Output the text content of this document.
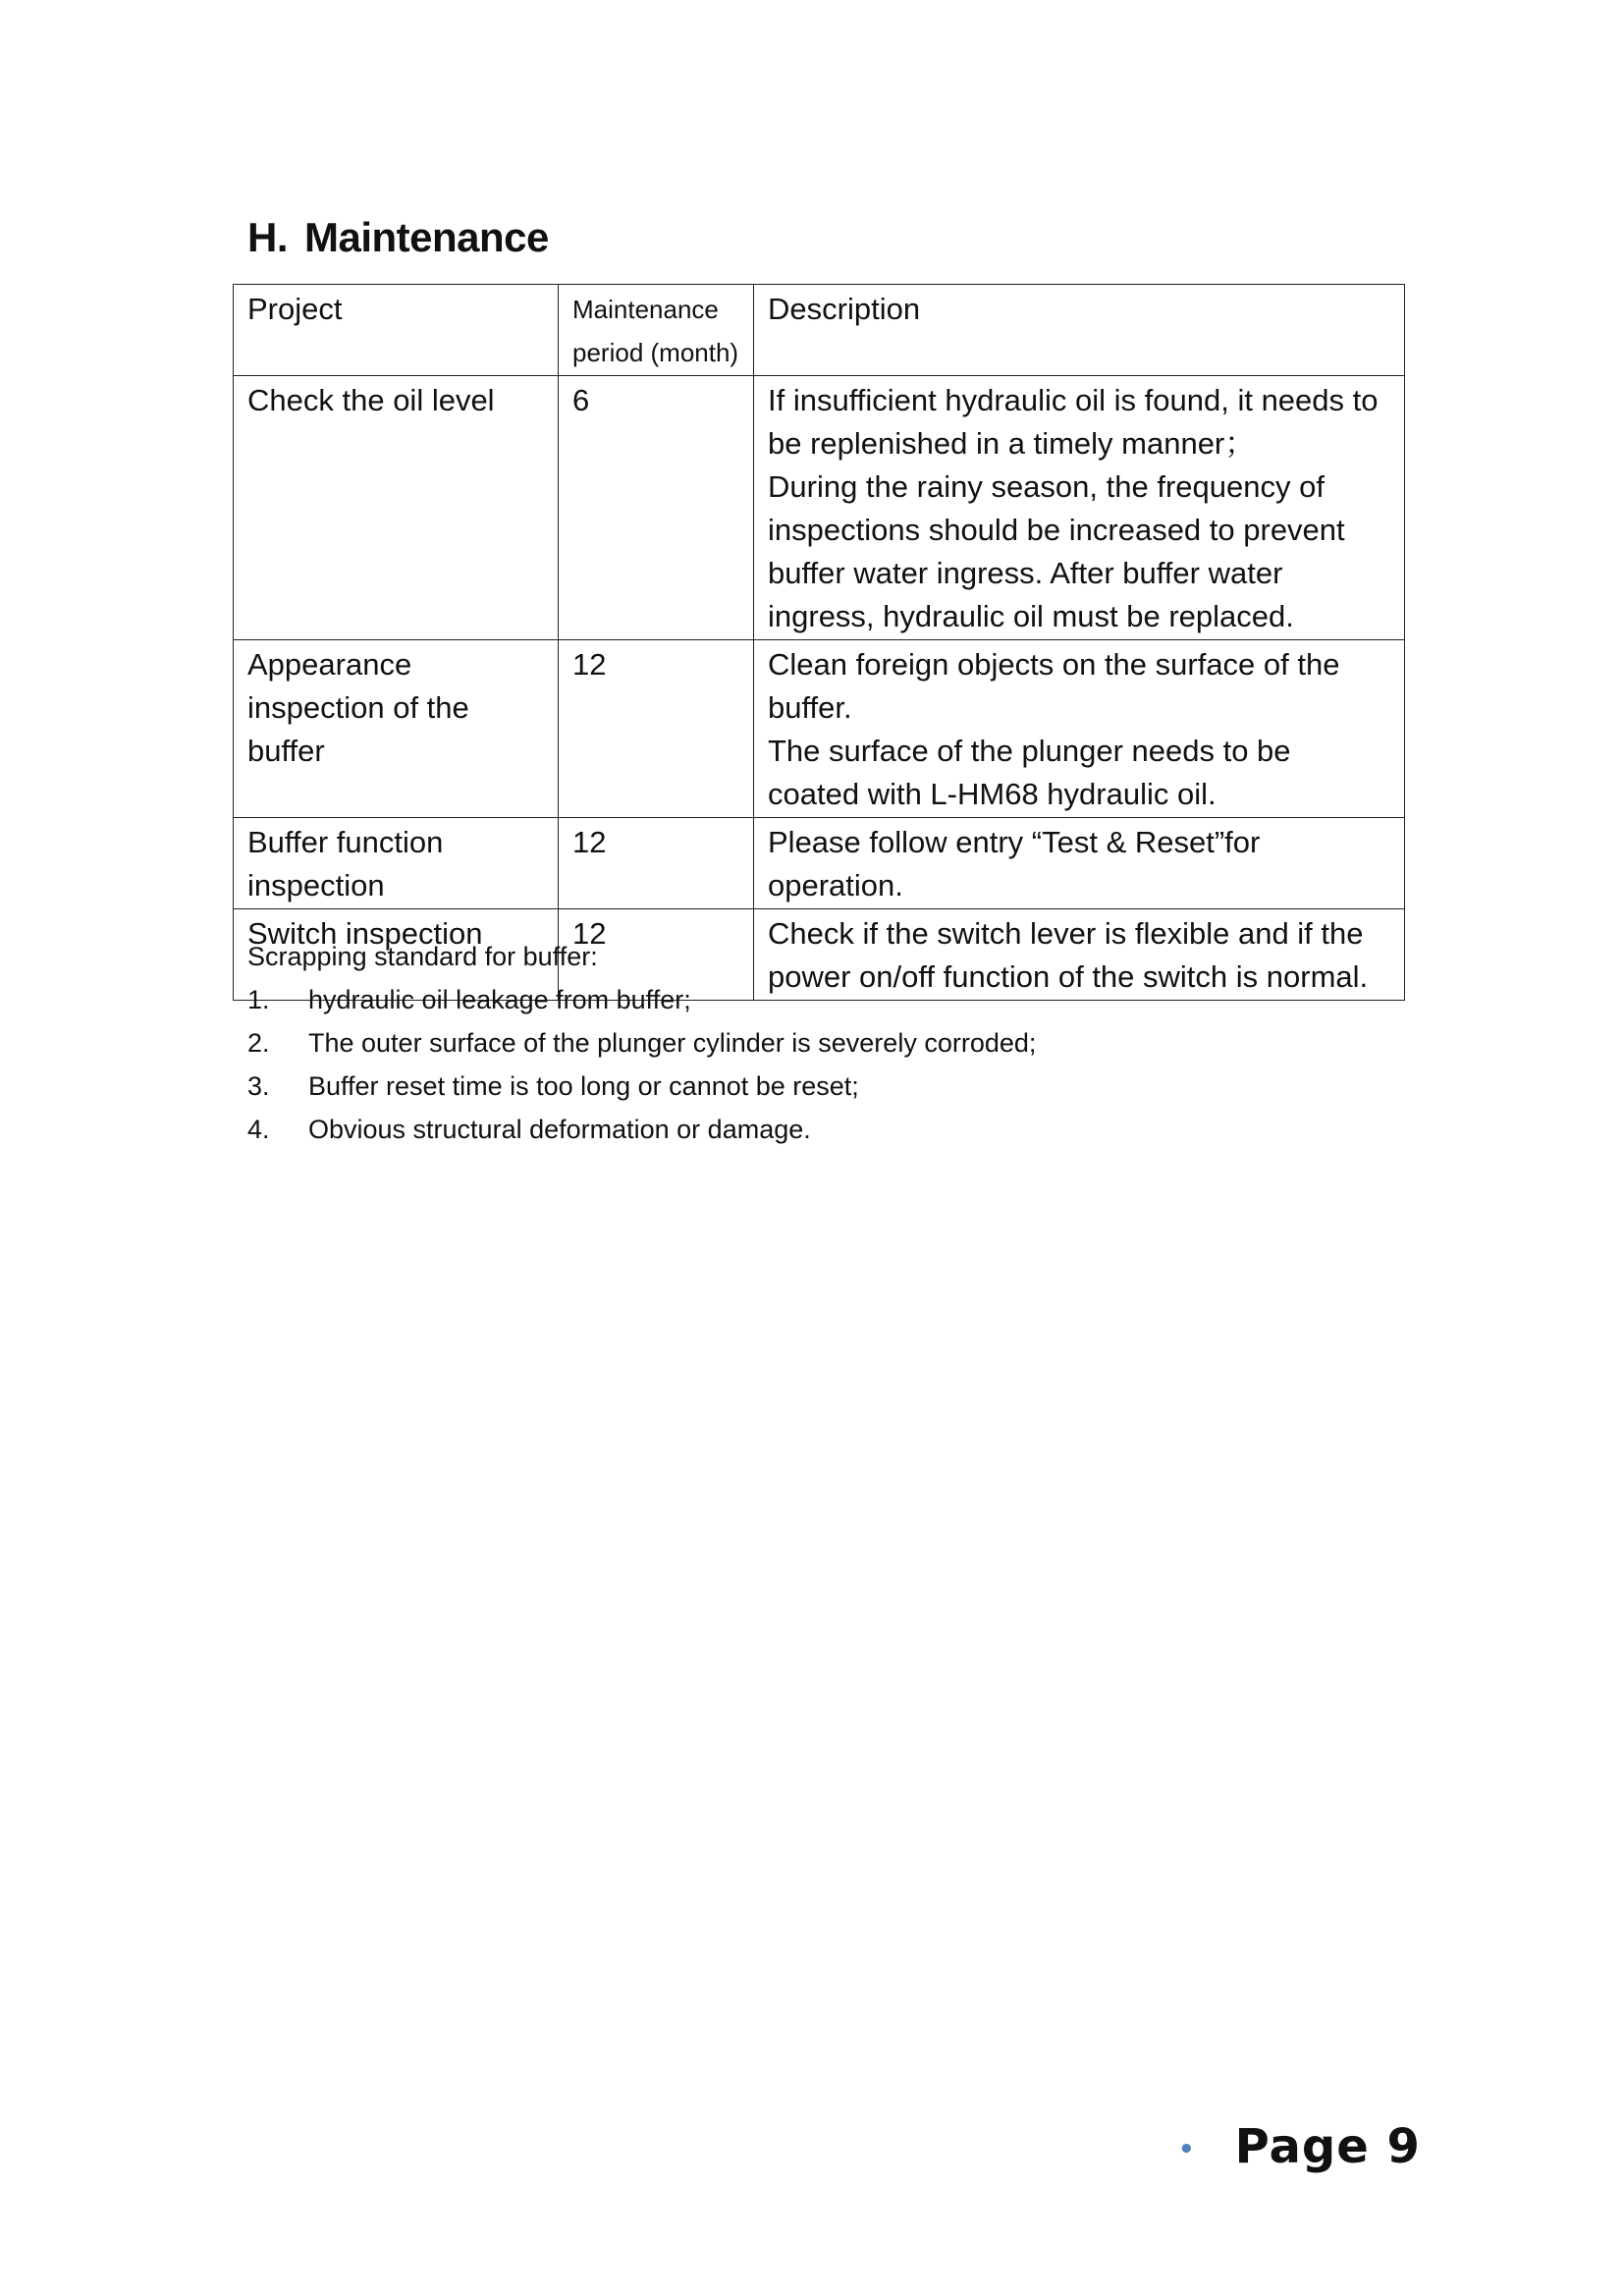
H. Maintenance
Project	Maintenance period (month)	Description
Check the oil level	6	If insufficient hydraulic oil is found, it needs to be replenished in a timely manner；
During the rainy season, the frequency of inspections should be increased to prevent buffer water ingress. After buffer water ingress, hydraulic oil must be replaced.

Appearance inspection of the buffer	12	Clean foreign objects on the surface of the buffer.
The surface of the plunger needs to be coated with L-HM68 hydraulic oil.

Buffer function inspection	12	Please follow entry “Test & Reset”for operation.

Switch inspection	12	Check if the switch lever is flexible and if the power on/off function of the switch is normal.
Scrapping standard for buffer:
1.	hydraulic oil leakage from buffer;
2.	The outer surface of the plunger cylinder is severely corroded;
3.	Buffer reset time is too long or cannot be reset;
4.	Obvious structural deformation or damage.
• Page 9
